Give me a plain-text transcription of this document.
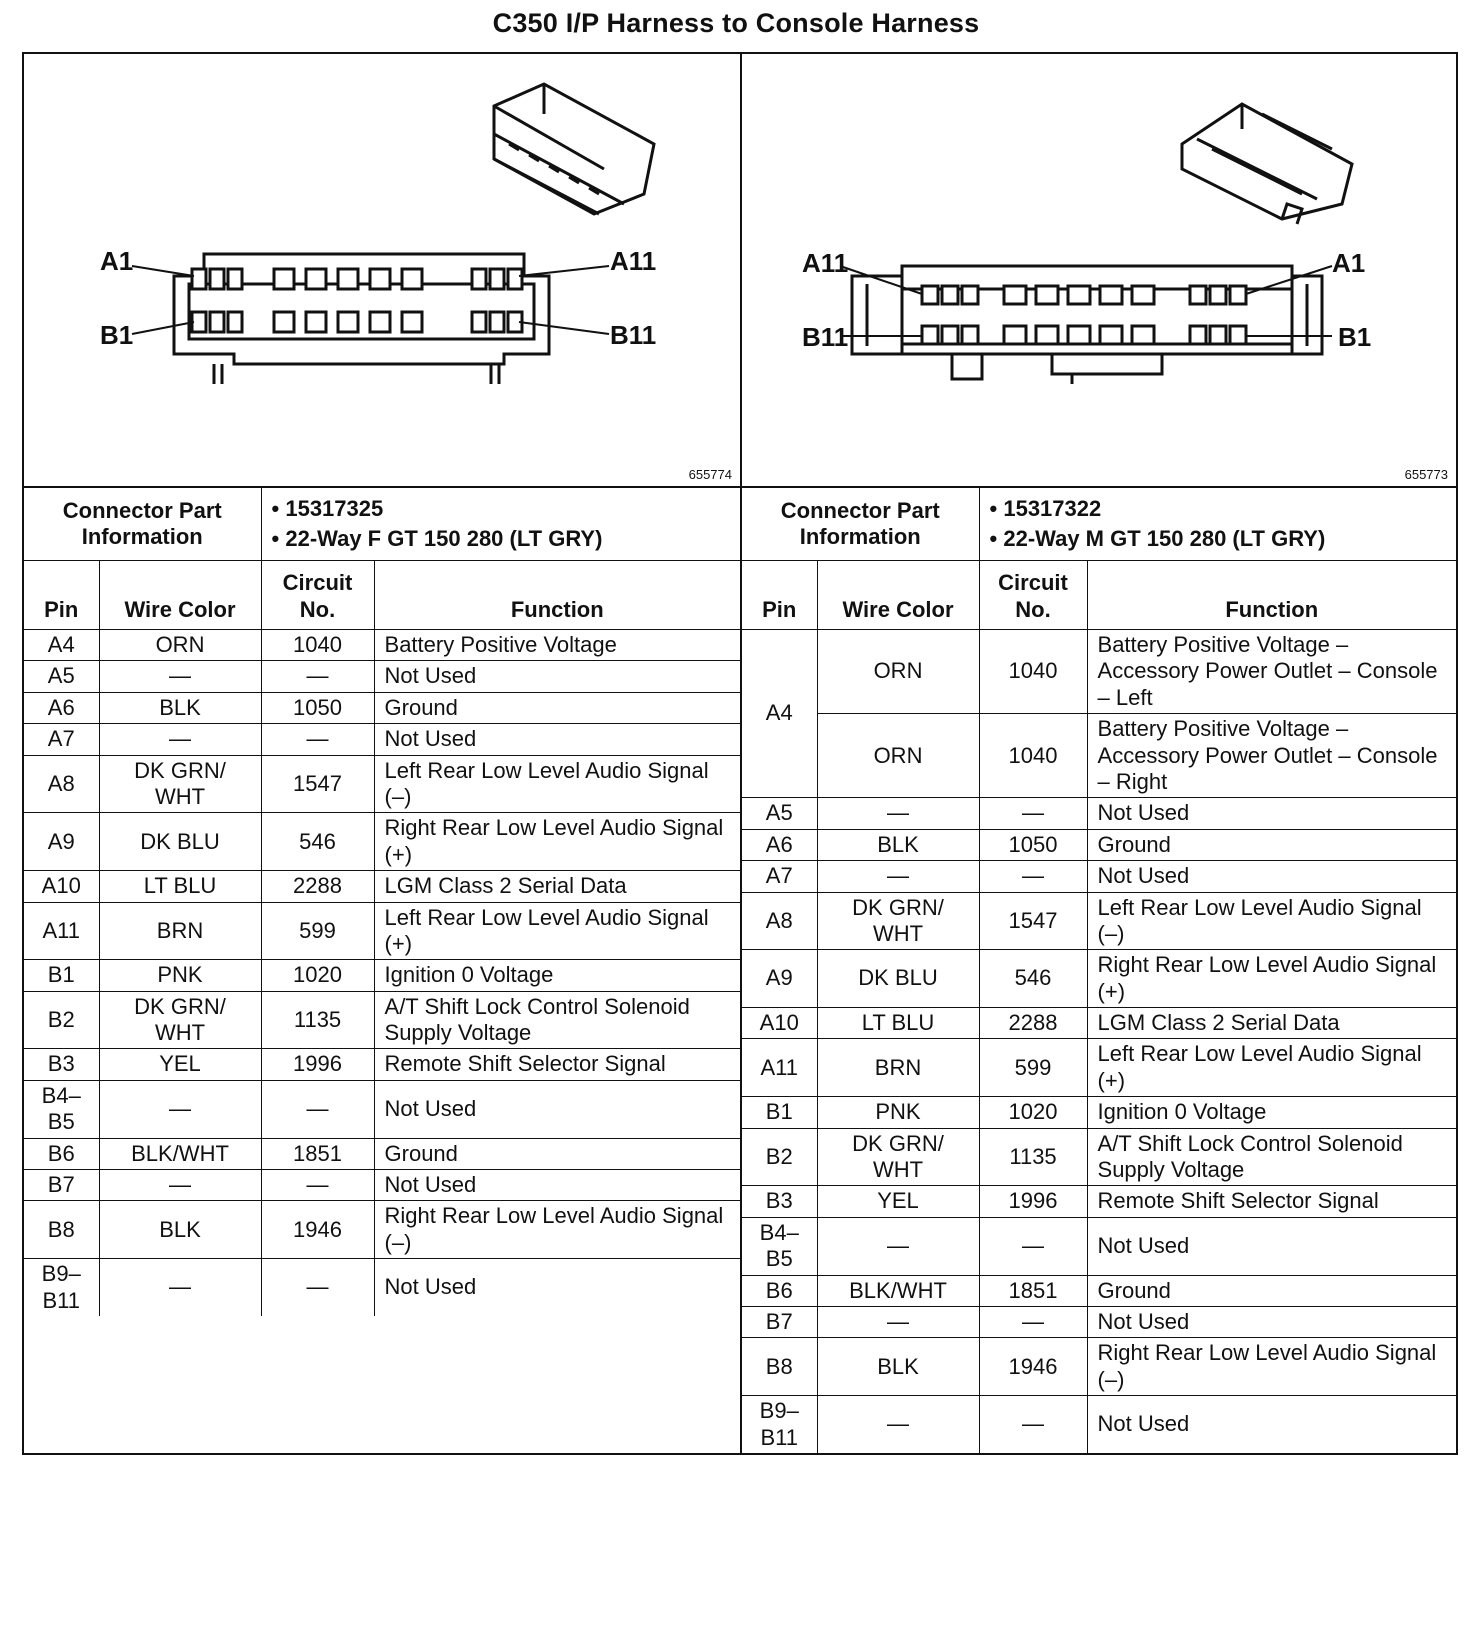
C350 I/P Harness to Console Harness
A1	A11
B1	B11
655774
Connector Part Information		• 15317325
• 22-Way F GT 150 280 (LT GRY)	

Pin	Wire Color	Circuit No.	Function
A4	ORN	1040	Battery Positive Voltage
A5	—	—	Not Used
A6	BLK	1050	Ground
A7	—	—	Not Used
A8	DK GRN/ WHT	1547	Left Rear Low Level Audio Signal (–)
A9	DK BLU	546	Right Rear Low Level Audio Signal (+)
A10	LT BLU	2288	LGM Class 2 Serial Data
A11	BRN	599	Left Rear Low Level Audio Signal (+)
B1	PNK	1020	Ignition 0 Voltage
B2	DK GRN/ WHT	1135	A/T Shift Lock Control Solenoid Supply Voltage
B3	YEL	1996	Remote Shift Selector Signal
B4– B5	—	—	Not Used
B6	BLK/WHT	1851	Ground
B7	—	—	Not Used
B8	BLK	1946	Right Rear Low Level Audio Signal (–)
B9– B11	—	—	Not Used
A11	A1
B11	B1
655773
Connector Part Information		• 15317322
• 22-Way M GT 150 280 (LT GRY)	

Pin	Wire Color	Circuit No.	Function
A4	ORN	1040	Battery Positive Voltage – Accessory Power Outlet – Console – Left
	ORN	1040	Battery Positive Voltage – Accessory Power Outlet – Console – Right
A5	—	—	Not Used
A6	BLK	1050	Ground
A7	—	—	Not Used
A8	DK GRN/ WHT	1547	Left Rear Low Level Audio Signal (–)
A9	DK BLU	546	Right Rear Low Level Audio Signal (+)
A10	LT BLU	2288	LGM Class 2 Serial Data
A11	BRN	599	Left Rear Low Level Audio Signal (+)
B1	PNK	1020	Ignition 0 Voltage
B2	DK GRN/ WHT	1135	A/T Shift Lock Control Solenoid Supply Voltage
B3	YEL	1996	Remote Shift Selector Signal
B4– B5	—	—	Not Used
B6	BLK/WHT	1851	Ground
B7	—	—	Not Used
B8	BLK	1946	Right Rear Low Level Audio Signal (–)
B9– B11	—	—	Not Used
